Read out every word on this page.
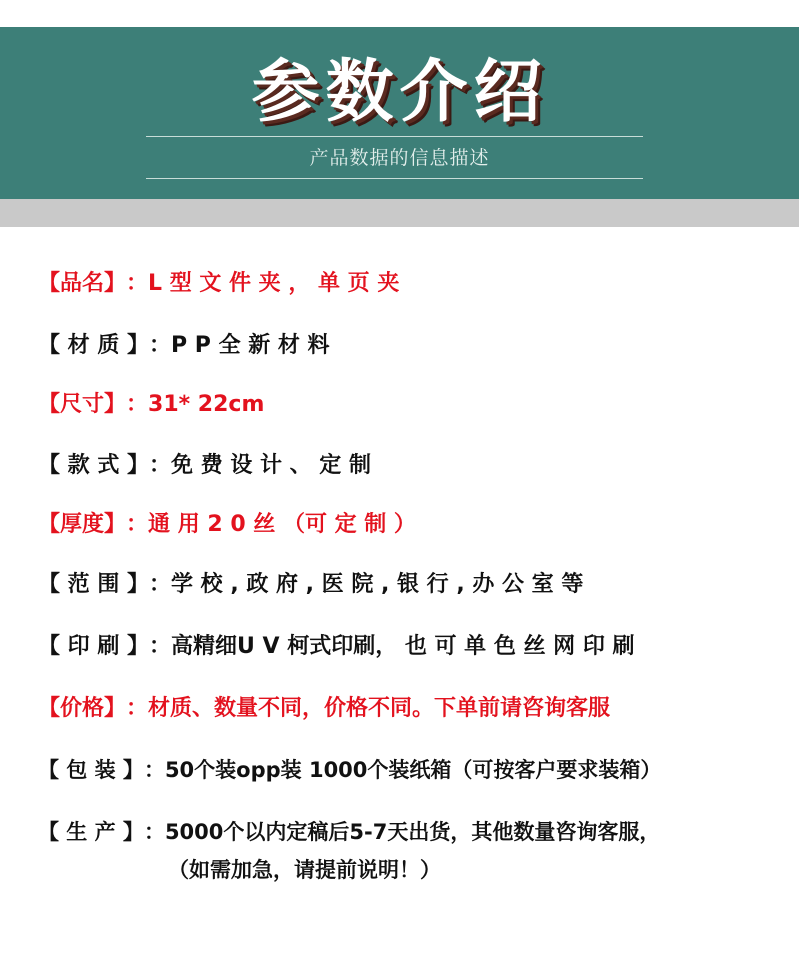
参数介绍
产品数据的信息描述
【品名】：L 型 文 件 夹 ， 单 页 夹
【 材 质 】：P P 全 新 材 料
【尺寸】：31* 22cm
【 款 式 】：免 费 设 计 、 定 制
【厚度】：通 用 2 0 丝 （可 定 制 ）
【 范 围 】：学 校 , 政 府 , 医 院 , 银 行 , 办 公 室 等
【 印 刷 】：高精细U V 柯式印刷， 也 可 单 色 丝 网 印 刷
【价格】：材质、数量不同，价格不同。下单前请咨询客服
【 包 装 】：50个装opp装 1000个装纸箱（可按客户要求装箱）
【 生 产 】：5000个以内定稿后5-7天出货，其他数量咨询客服，
（如需加急，请提前说明！）
